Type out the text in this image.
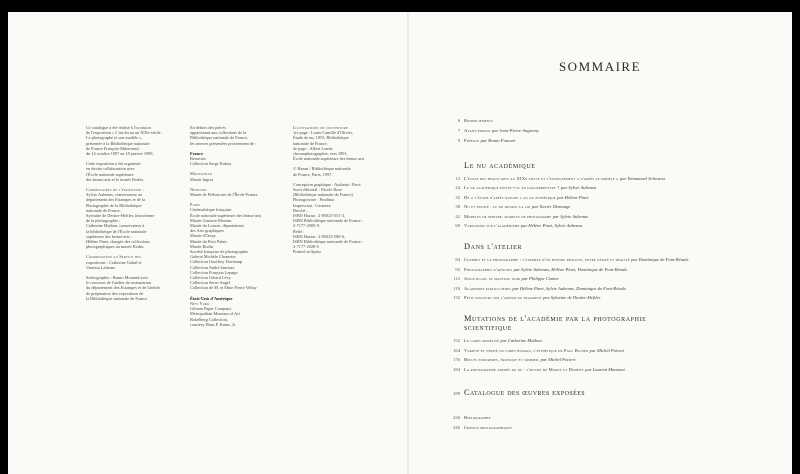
Ce catalogue a été réalisé à l'occasion
de l'exposition « L'art du nu au XIXe siècle.
Le photographe et son modèle »,
présentée à la Bibliothèque nationale
de France François-Mitterrand,
du 14 octobre 1997 au 18 janvier 1998.

Cette exposition a été organisée
en étroite collaboration avec
l'École nationale supérieure
des beaux-arts et le musée Rodin.

Commissaires de l'exposition :
Sylvie Aubenas, conservateur au
département des Estampes et de la
Photographie de la Bibliothèque
nationale de France,
Sylvaine de Decker-Heftler, historienne
de la photographie ;
Catherine Mathon, conservateur à
la bibliothèque de l'École nationale
supérieure des beaux-arts ;
Hélène Pinet, chargée des collections
photographiques au musée Rodin.

Coordination au Service des
expositions : Catherine Gidaïl et
Vanessa Lalanne.

Scénographie : Bruno Moinard avec
le concours de l'atelier de restauration
du département des Estampes et de l'atelier
de préparation des expositions de
la Bibliothèque nationale de France.

En dehors des pièces
appartenant aux collections de la
Bibliothèque nationale de France,
les œuvres présentées proviennent de :

France
Beauvais
Collection Serge Kakou

Montauban
Musée Ingres

Nemours
Musée de Préhistoire de l'Île-de-France

Paris
Cinémathèque française
École nationale supérieure des beaux-arts
Musée Gustave-Moreau
Musée du Louvre, département
des Arts graphiques
Musée d'Orsay
Musée du Petit Palais
Musée Rodin
Société française de photographie
Galerie Michèle Chomette
Collection Geoffrey Duchamp
Collection André Jammes
Collection François Lepage
Collection Gérard Lévy
Collection Serre-Angel
Collection de M. et Mme Pierre Vellay

États-Unis d'Amérique
New York
Gilman Paper Company
Metropolitan Museum of Art
Bokelberg Collection,
courtesy Hans P. Kraus, Jr.

Illustrations de couverture
1re page : Louis-Camille d'Olivier,
Étude de nu, 1855, Bibliothèque
nationale de France.
4e page : Albert Londe,
chronophotographie, vers 1891,
École nationale supérieure des beaux-arts

© Hazan / Bibliothèque nationale
de France, Paris, 1997.

Conception graphique : Atalante / Paris
Suivi éditorial : Nicole Rose
(Bibliothèque nationale de France)
Photogravure : Prodima
Impression : Castuera
Broché :
ISBN Hazan : 2-85025-551-3,
ISBN Bibliothèque nationale de France :
2-7177-2009-X
Relié :
ISBN Hazan : 2-85025-580-6,
ISBN Bibliothèque nationale de France :
2-7177-2028-6
Printed in Spain

SOMMAIRE
6 Remerciements
7 Avant-propos par Jean-Pierre Angremy
9 Préface par Bruno Foucart
Le nu académique
12 L'école des beaux-arts au XIXe siècle et l'enseignement « d'après le modèle » par Emmanuel Schwartz
24 Le nu académique existe-t-il en daguerréotype ? par Sylvie Aubenas
32 De « l'étude d'après nature » au nu esthétique par Hélène Pinet
38 Nu et nudité : le nu devant la loi par Xavier Demange
42 Modèles de peintre, modèles de photographe par Sylvie Aubenas
60 Variations sur l'académisme par Hélène Pinet, Sylvie Aubenas
Dans l'atelier
84 Courbet et la photographie : l'exemple d'un peintre réaliste, entre vérité et réalité par Dominique de Font-Réaulx
92 Photographies d'artistes par Sylvie Aubenas, Hélène Pinet, Dominique de Font-Réaulx
112 Jupon blanc et manteau noir par Philippe Comar
118 Académies particulières par Hélène Pinet, Sylvie Aubenas, Dominique de Font-Réaulx
132 Petit discours sur l'amour du fragment par Sylvaine de Decker-Heftler
Mutations de l'académie par la photographie scientifique
152 Le corps modélisé par Catherine Mathon
164 Variété et vérité du corps humain, l'esthétique de Paul Richer par Michel Poivert
176 Belles endormies, érotique et sommeil par Michel Poivert
184 La photographie animée du nu : l'œuvre de Marey et Demenÿ par Laurent Mannoni
189 Catalogue des œuvres exposées
236 Bibliographie
240 Crédits photographiques
